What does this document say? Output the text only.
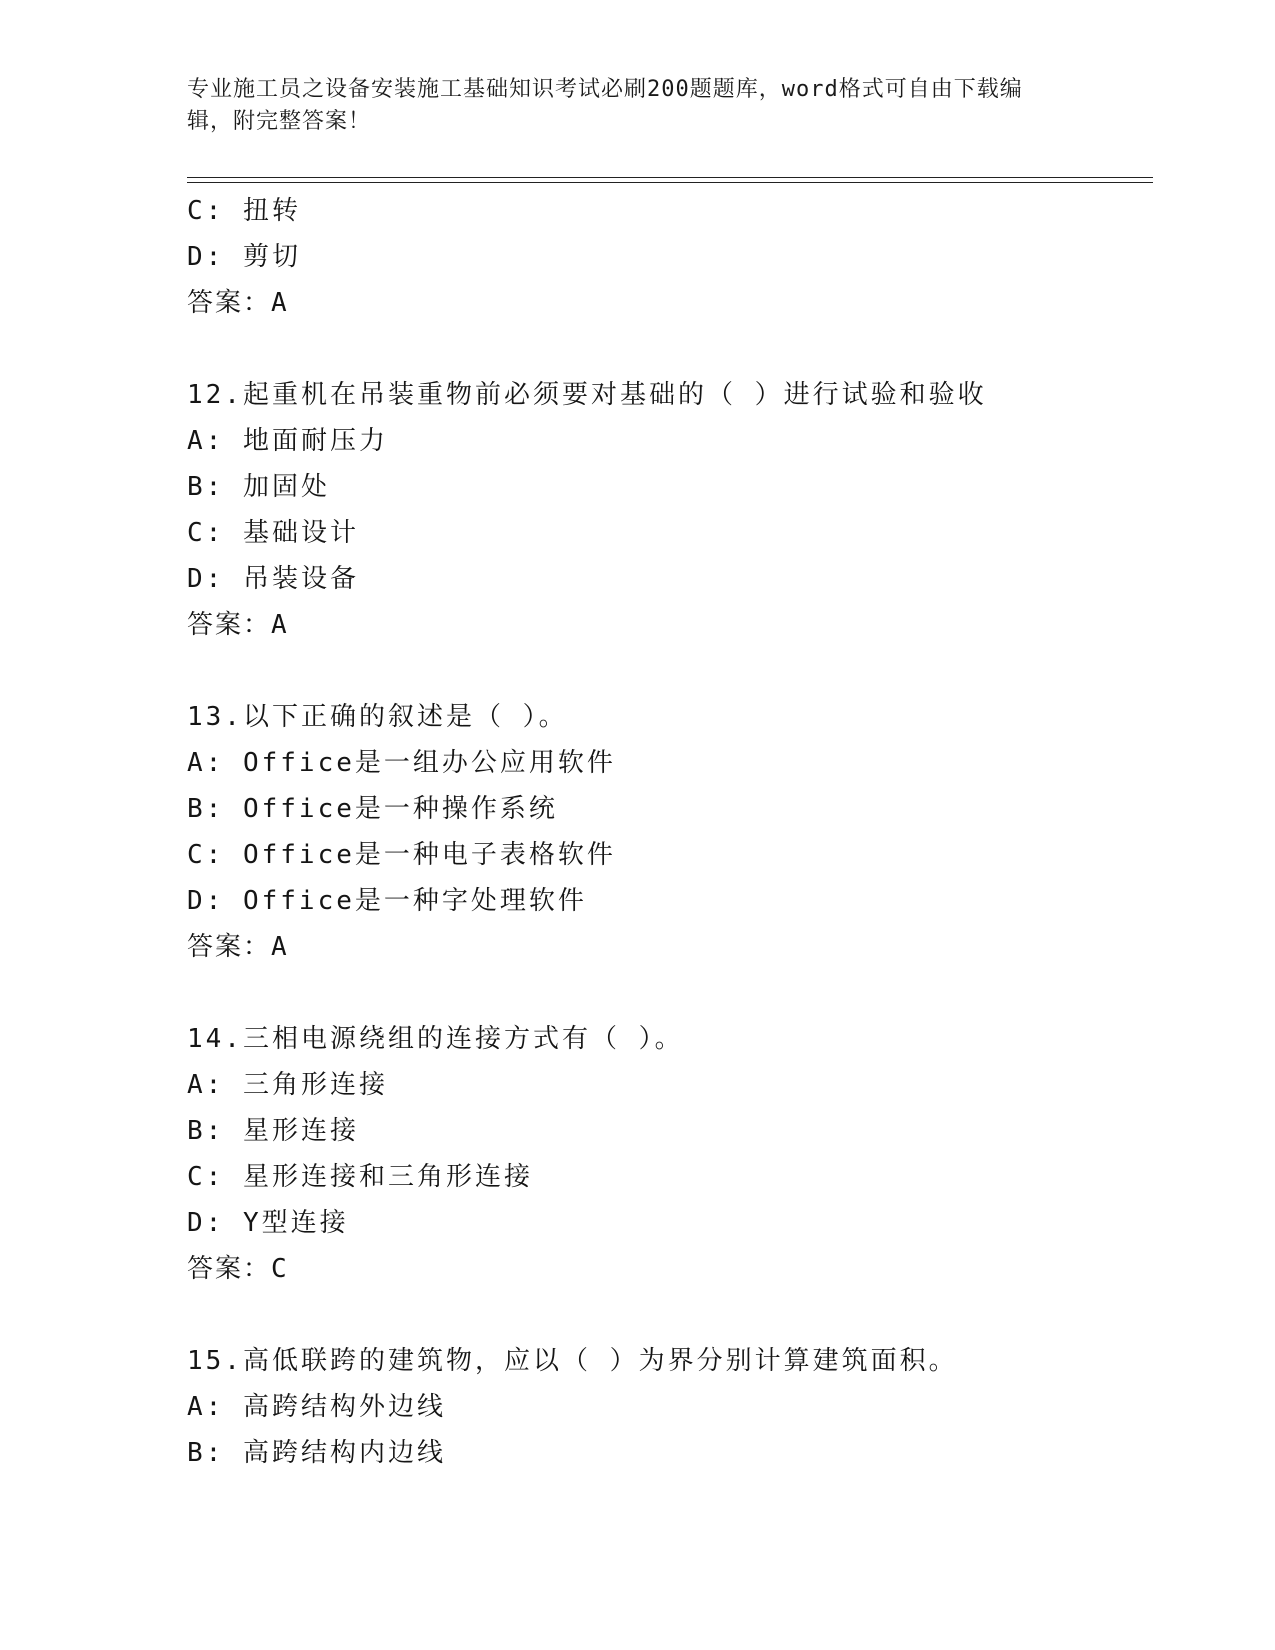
专业施工员之设备安装施工基础知识考试必刷200题题库，word格式可自由下载编辑，附完整答案！
C: 扭转
D: 剪切
答案：A
12.起重机在吊装重物前必须要对基础的（ ）进行试验和验收
A: 地面耐压力
B: 加固处
C: 基础设计
D: 吊装设备
答案：A
13.以下正确的叙述是（ ）。
A: Office是一组办公应用软件
B: Office是一种操作系统
C: Office是一种电子表格软件
D: Office是一种字处理软件
答案：A
14.三相电源绕组的连接方式有（ ）。
A: 三角形连接
B: 星形连接
C: 星形连接和三角形连接
D: Y型连接
答案：C
15.高低联跨的建筑物，应以（ ）为界分别计算建筑面积。
A: 高跨结构外边线
B: 高跨结构内边线
